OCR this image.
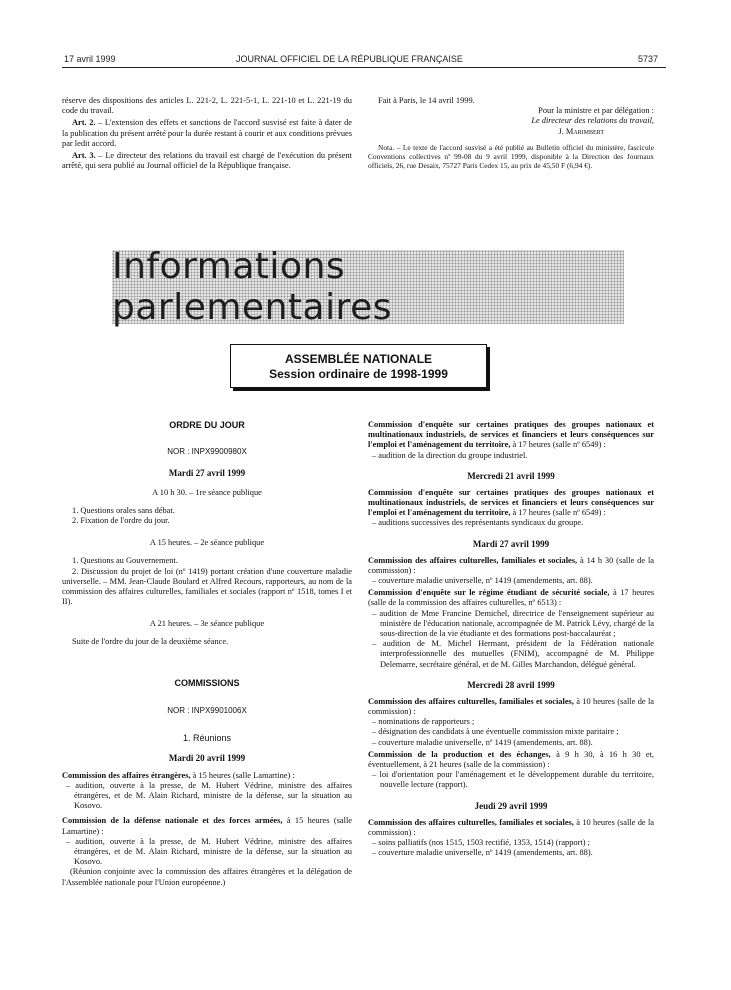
17 avril 1999	JOURNAL OFFICIEL DE LA RÉPUBLIQUE FRANÇAISE	5737

réserve des dispositions des articles L. 221-2, L. 221-5-1, L. 221-10 et L. 221-19 du code du travail.

Art. 2. – L'extension des effets et sanctions de l'accord susvisé est faite à dater de la publication du présent arrêté pour la durée restant à courir et aux conditions prévues par ledit accord.

Art. 3. – Le directeur des relations du travail est chargé de l'exécution du présent arrêté, qui sera publié au Journal officiel de la République française.

Fait à Paris, le 14 avril 1999.

Pour la ministre et par délégation :

Le directeur des relations du travail,

J. Marimbert

Nota. – Le texte de l'accord susvisé a été publié au Bulletin officiel du ministère, fascicule Conventions collectives nº 99-08 du 9 avril 1999, disponible à la Direction des Journaux officiels, 26, rue Desaix, 75727 Paris Cedex 15, au prix de 45,50 F (6,94 €).

Informations parlementaires
ASSEMBLÉE NATIONALE
Session ordinaire de 1998-1999
ORDRE DU JOUR
NOR : INPX9900980X
Mardi 27 avril 1999
A 10 h 30. – 1re séance publique

1. Questions orales sans débat.

2. Fixation de l'ordre du jour.

A 15 heures. – 2e séance publique

1. Questions au Gouvernement.

2. Discussion du projet de loi (nº 1419) portant création d'une couverture maladie universelle. – MM. Jean-Claude Boulard et Alfred Recours, rapporteurs, au nom de la commission des affaires culturelles, familiales et sociales (rapport nº 1518, tomes I et II).

A 21 heures. – 3e séance publique

Suite de l'ordre du jour de la deuxième séance.

COMMISSIONS
NOR : INPX9901006X
1. Réunions
Mardi 20 avril 1999

Commission des affaires étrangères, à 15 heures (salle Lamartine) :

– audition, ouverte à la presse, de M. Hubert Védrine, ministre des affaires étrangères, et de M. Alain Richard, ministre de la défense, sur la situation au Kosovo.

Commission de la défense nationale et des forces armées, à 15 heures (salle Lamartine) :

– audition, ouverte à la presse, de M. Hubert Védrine, ministre des affaires étrangères, et de M. Alain Richard, ministre de la défense, sur la situation au Kosovo.

(Réunion conjointe avec la commission des affaires étrangères et la délégation de l'Assemblée nationale pour l'Union européenne.)

Commission d'enquête sur certaines pratiques des groupes nationaux et multinationaux industriels, de services et financiers et leurs conséquences sur l'emploi et l'aménagement du territoire, à 17 heures (salle nº 6549) :

– audition de la direction du groupe industriel.

Mercredi 21 avril 1999

Commission d'enquête sur certaines pratiques des groupes nationaux et multinationaux industriels, de services et financiers et leurs conséquences sur l'emploi et l'aménagement du territoire, à 17 heures (salle nº 6549) :

– auditions successives des représentants syndicaux du groupe.

Mardi 27 avril 1999

Commission des affaires culturelles, familiales et sociales, à 14 h 30 (salle de la commission) :

– couverture maladie universelle, nº 1419 (amendements, art. 88).

Commission d'enquête sur le régime étudiant de sécurité sociale, à 17 heures (salle de la commission des affaires culturelles, nº 6513) :

– audition de Mme Francine Demichel, directrice de l'enseignement supérieur au ministère de l'éducation nationale, accompagnée de M. Patrick Lévy, chargé de la sous-direction de la vie étudiante et des formations post-baccalauréat ;

– audition de M. Michel Hermant, président de la Fédération nationale interprofessionnelle des mutuelles (FNIM), accompagné de M. Philippe Delemarre, secrétaire général, et de M. Gilles Marchandon, délégué général.

Mercredi 28 avril 1999

Commission des affaires culturelles, familiales et sociales, à 10 heures (salle de la commission) :

– nominations de rapporteurs ;

– désignation des candidats à une éventuelle commission mixte paritaire ;

– couverture maladie universelle, nº 1419 (amendements, art. 88).

Commission de la production et des échanges, à 9 h 30, à 16 h 30 et, éventuellement, à 21 heures (salle de la commission) :

– loi d'orientation pour l'aménagement et le développement durable du territoire, nouvelle lecture (rapport).

Jeudi 29 avril 1999

Commission des affaires culturelles, familiales et sociales, à 10 heures (salle de la commission) :

– soins palliatifs (nos 1515, 1503 rectifié, 1353, 1514) (rapport) ;

– couverture maladie universelle, nº 1419 (amendements, art. 88).
